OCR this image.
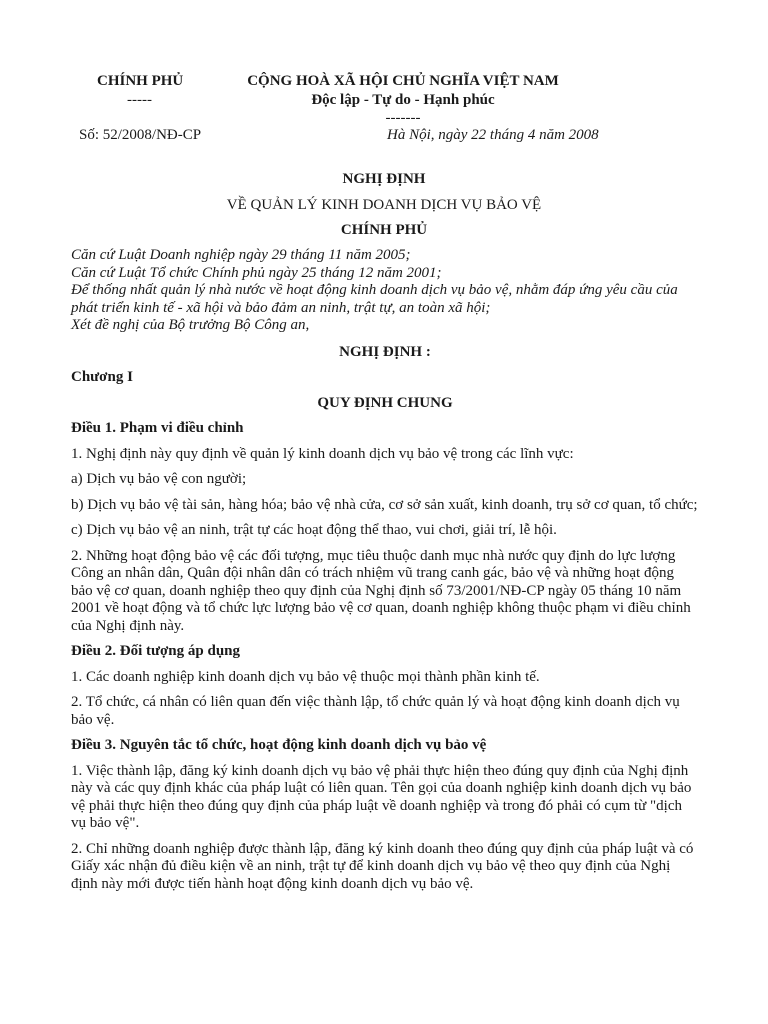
CHÍNH PHỦ
-----
Số: 52/2008/NĐ-CP
CỘNG HOÀ XÃ HỘI CHỦ NGHĨA VIỆT NAM
Độc lập - Tự do - Hạnh phúc
-------
Hà Nội, ngày 22 tháng 4 năm 2008
NGHỊ ĐỊNH
VỀ QUẢN LÝ KINH DOANH DỊCH VỤ BẢO VỆ
CHÍNH PHỦ

Căn cứ Luật Doanh nghiệp ngày 29 tháng 11 năm 2005;

Căn cứ Luật Tổ chức Chính phủ ngày 25 tháng 12 năm 2001;

Để thống nhất quản lý nhà nước về hoạt động kinh doanh dịch vụ bảo vệ, nhằm đáp ứng yêu cầu của

phát triển kinh tế - xã hội và bảo đảm an ninh, trật tự, an toàn xã hội;

Xét đề nghị của Bộ trưởng Bộ Công an,

NGHỊ ĐỊNH :

Chương I

QUY ĐỊNH CHUNG

Điều 1. Phạm vi điều chỉnh

1. Nghị định này quy định về quản lý kinh doanh dịch vụ bảo vệ trong các lĩnh vực:

a) Dịch vụ bảo vệ con người;

b) Dịch vụ bảo vệ tài sản, hàng hóa; bảo vệ nhà cửa, cơ sở sản xuất, kinh doanh, trụ sở cơ quan, tổ chức;

c) Dịch vụ bảo vệ an ninh, trật tự các hoạt động thể thao, vui chơi, giải trí, lễ hội.

2. Những hoạt động bảo vệ các đối tượng, mục tiêu thuộc danh mục nhà nước quy định do lực lượng Công an nhân dân, Quân đội nhân dân có trách nhiệm vũ trang canh gác, bảo vệ và những hoạt động bảo vệ cơ quan, doanh nghiệp theo quy định của Nghị định số 73/2001/NĐ-CP ngày 05 tháng 10 năm 2001 về hoạt động và tổ chức lực lượng bảo vệ cơ quan, doanh nghiệp không thuộc phạm vi điều chỉnh của Nghị định này.

Điều 2. Đối tượng áp dụng

1. Các doanh nghiệp kinh doanh dịch vụ bảo vệ thuộc mọi thành phần kinh tế.

2. Tổ chức, cá nhân có liên quan đến việc thành lập, tổ chức quản lý và hoạt động kinh doanh dịch vụ bảo vệ.

Điều 3. Nguyên tắc tổ chức, hoạt động kinh doanh dịch vụ bảo vệ

1. Việc thành lập, đăng ký kinh doanh dịch vụ bảo vệ phải thực hiện theo đúng quy định của Nghị định này và các quy định khác của pháp luật có liên quan. Tên gọi của doanh nghiệp kinh doanh dịch vụ bảo vệ phải thực hiện theo đúng quy định của pháp luật về doanh nghiệp và trong đó phải có cụm từ "dịch vụ bảo vệ".

2. Chỉ những doanh nghiệp được thành lập, đăng ký kinh doanh theo đúng quy định của pháp luật và có Giấy xác nhận đủ điều kiện về an ninh, trật tự để kinh doanh dịch vụ bảo vệ theo quy định của Nghị định này mới được tiến hành hoạt động kinh doanh dịch vụ bảo vệ.
